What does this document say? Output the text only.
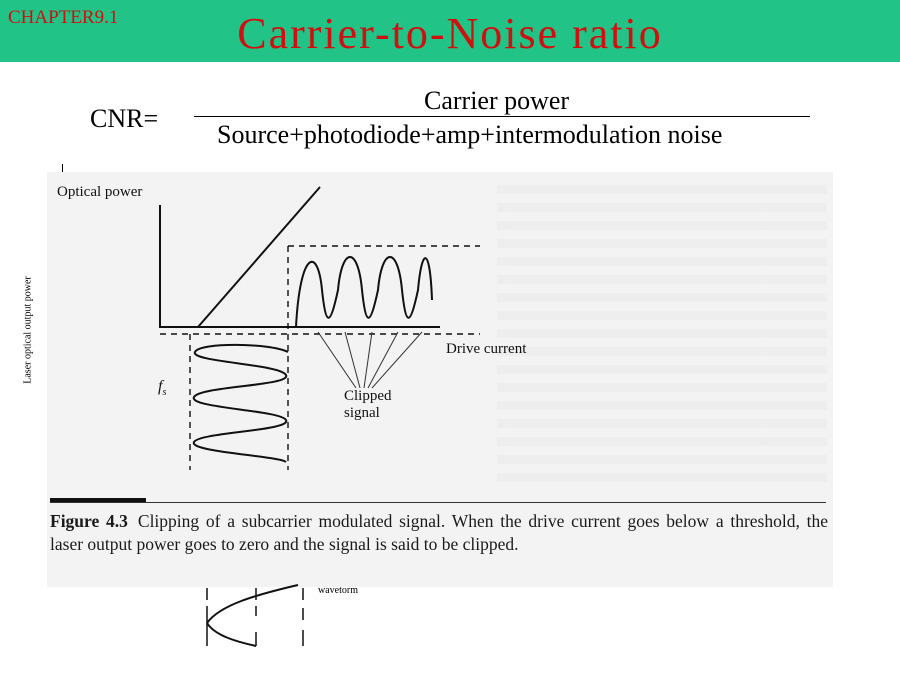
CHAPTER9.1	Carrier-to-Noise ratio
CNR=
Carrier power
Source+photodiode+amp+intermodulation noise
Laser optical output power
Optical power
Drive current
$f_s$	Clipped
signal
Figure 4.3 Clipping of a subcarrier modulated signal. When the drive current goes below a threshold, the laser output power goes to zero and the signal is said to be clipped.
wavetorm
